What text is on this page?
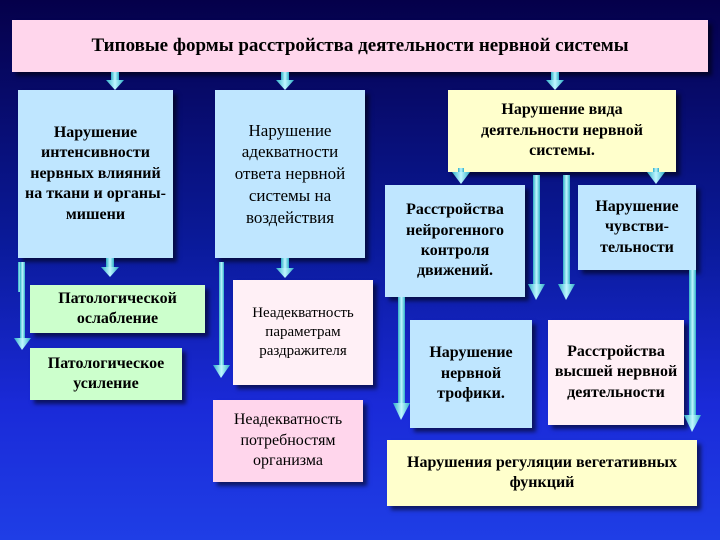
Типовые формы расстройства деятельности нервной системы
Нарушение интенсивности нервных влияний на ткани и органы-мишени
Патологической ослабление
Патологическое усиление
Нарушение адекватности ответа нервной системы на воздействия
Неадекватность параметрам раздражителя
Неадекватность потребностям организма
Нарушение вида деятельности нервной системы.
Расстройства нейрогенного контроля движений.
Нарушение чувстви-тельности
Нарушение нервной трофики.
Расстройства высшей нервной деятельности
Нарушения регуляции вегетативных функций
